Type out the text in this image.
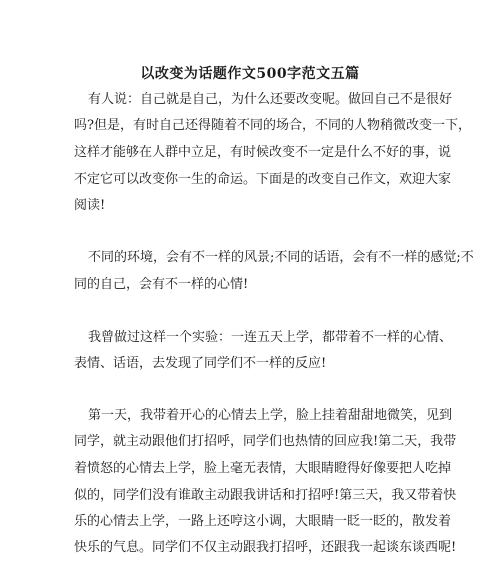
以改变为话题作文500字范文五篇
有人说：自己就是自己，为什么还要改变呢。做回自己不是很好
吗?但是，有时自己还得随着不同的场合，不同的人物稍微改变一下，
这样才能够在人群中立足，有时候改变不一定是什么不好的事，说
不定它可以改变你一生的命运。下面是的改变自己作文，欢迎大家
阅读!
不同的环境，会有不一样的风景;不同的话语，会有不一样的感觉;不
同的自己，会有不一样的心情!
我曾做过这样一个实验：一连五天上学，都带着不一样的心情、
表情、话语，去发现了同学们不一样的反应!
第一天，我带着开心的心情去上学，脸上挂着甜甜地微笑，见到
同学，就主动跟他们打招呼，同学们也热情的回应我!第二天，我带
着愤怒的心情去上学，脸上毫无表情，大眼睛瞪得好像要把人吃掉
似的，同学们没有谁敢主动跟我讲话和打招呼!第三天，我又带着快
乐的心情去上学，一路上还哼这小调，大眼睛一眨一眨的，散发着
快乐的气息。同学们不仅主动跟我打招呼，还跟我一起谈东谈西呢!
